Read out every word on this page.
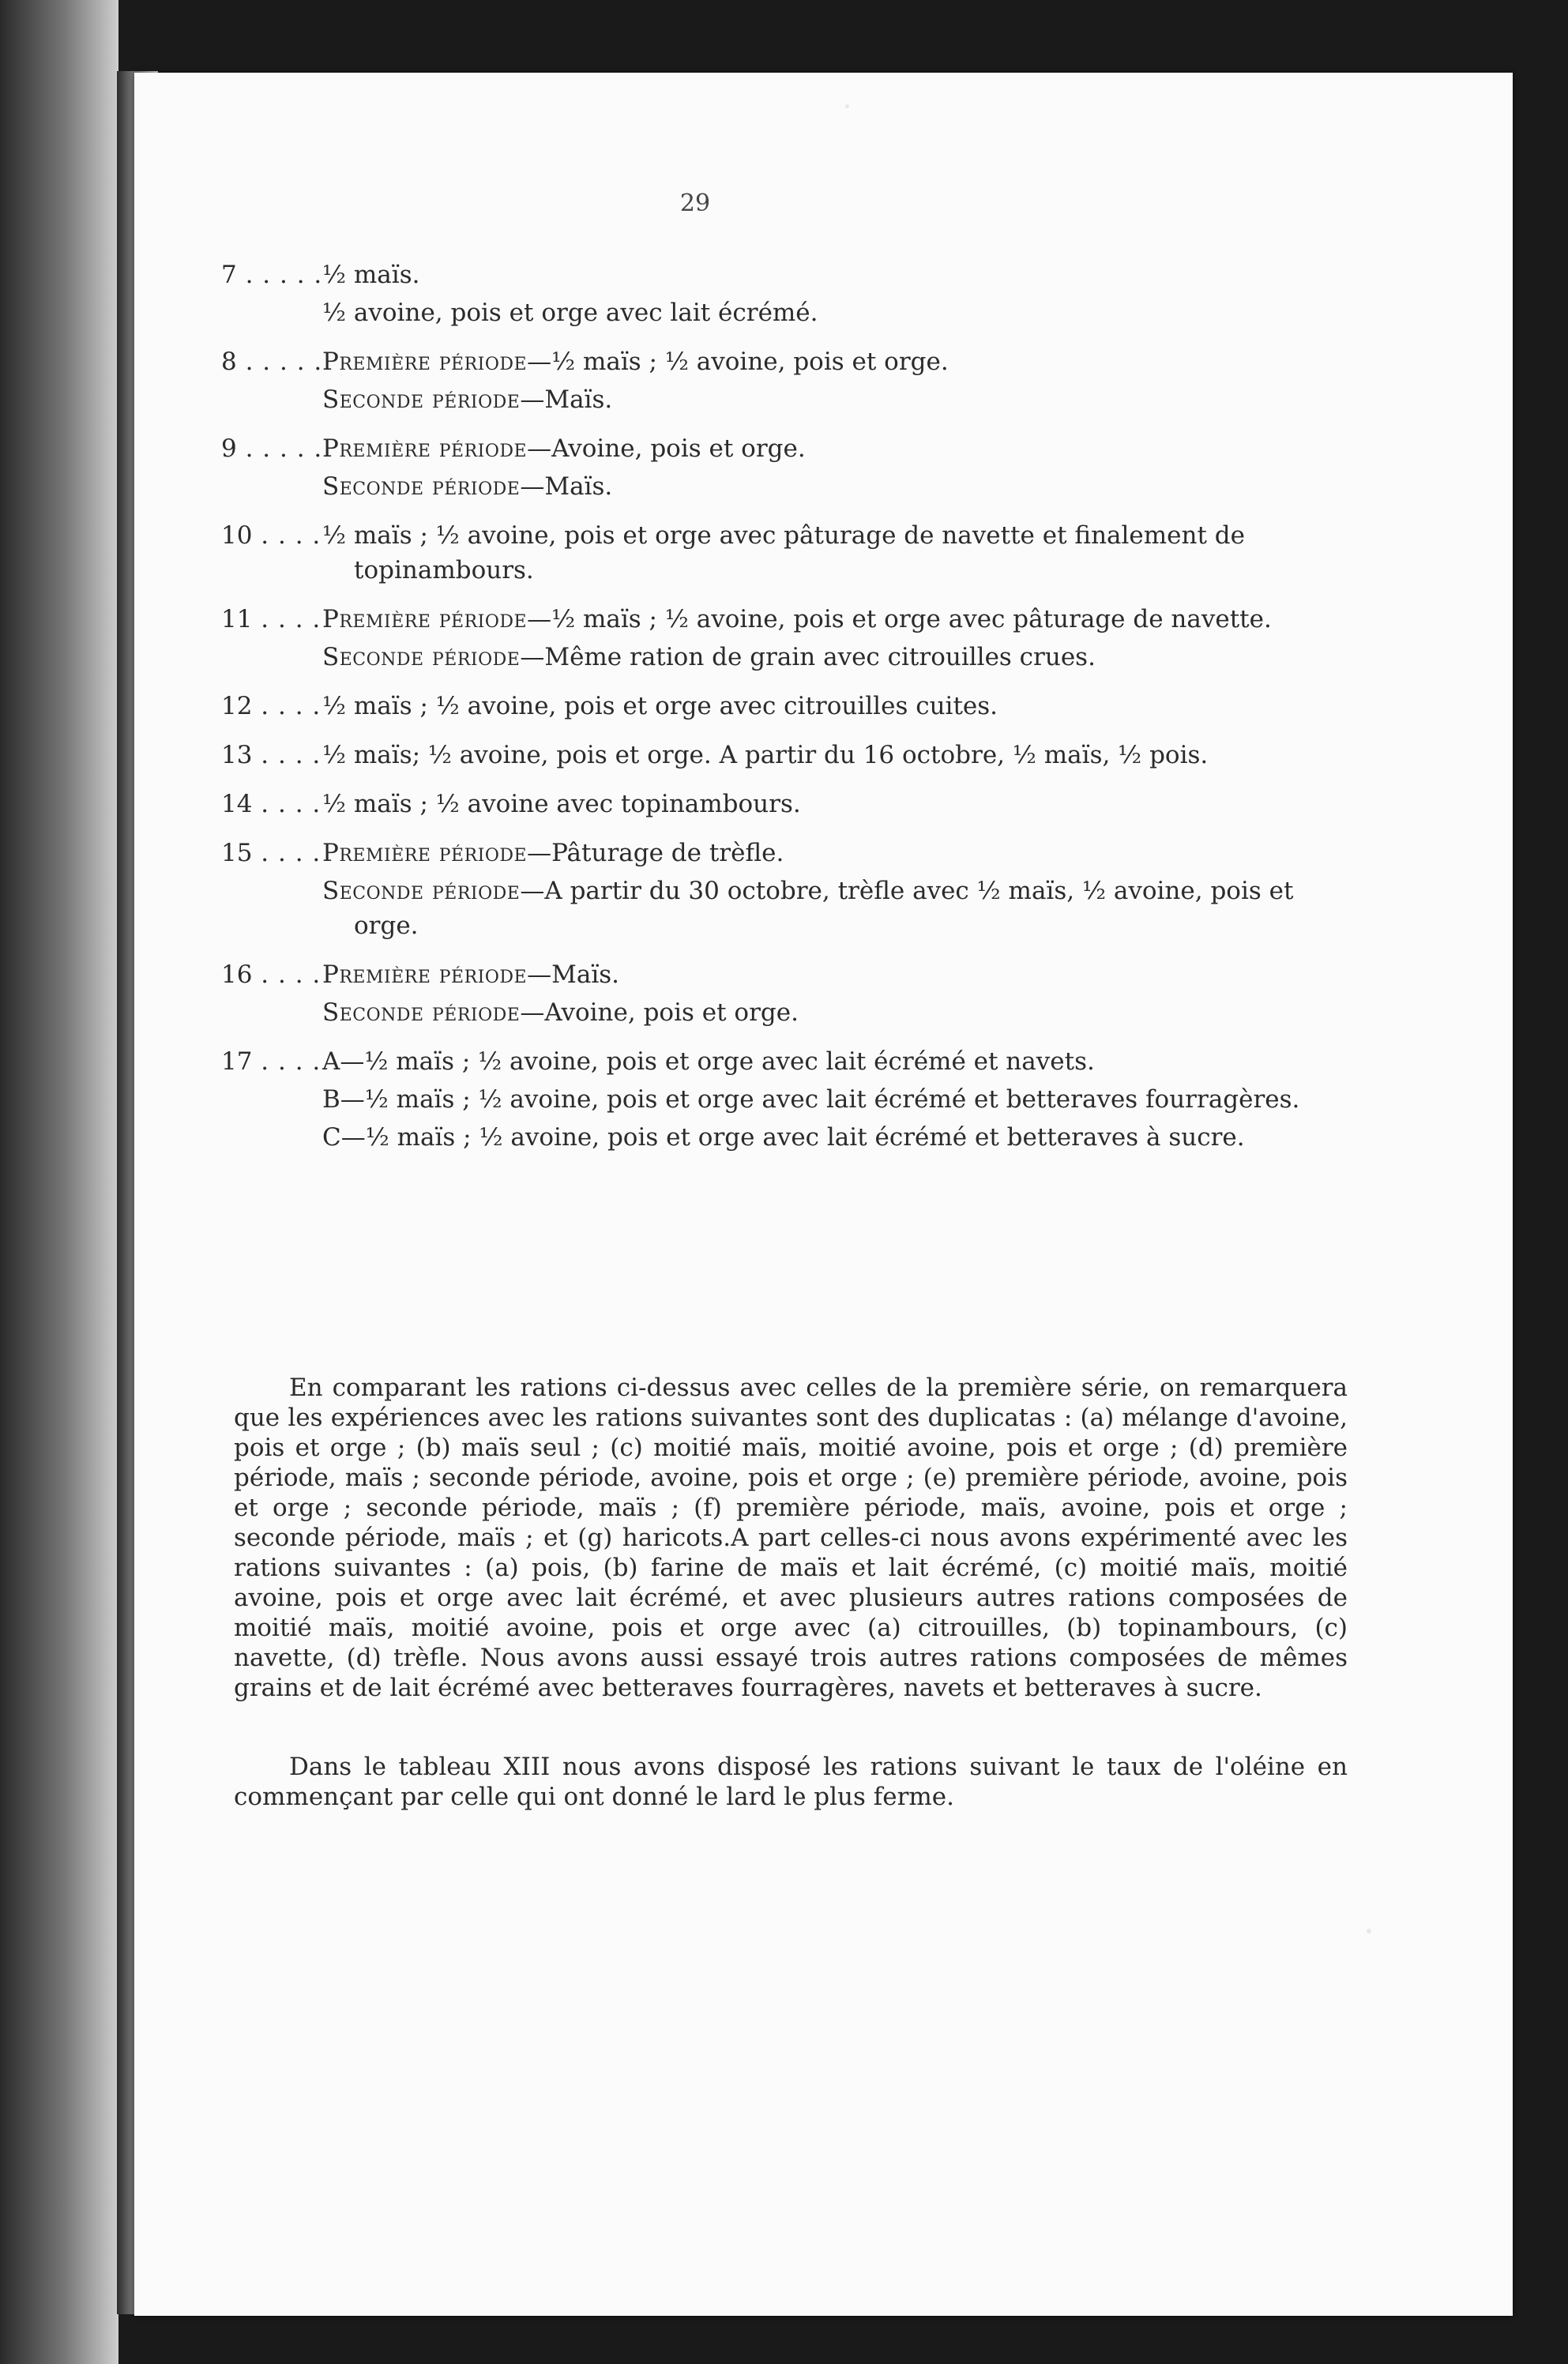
29
7 . . .	½ maïs.

½ avoine, pois et orge avec lait écrémé.

8 . . .	Première période—½ maïs ; ½ avoine, pois et orge.

Seconde période—Maïs.

9 . . .	Première période—Avoine, pois et orge.

Seconde période—Maïs.

10 . . .	½ maïs ; ½ avoine, pois et orge avec pâturage de navette et finalement de topinambours.

11 . . .	Première période—½ maïs ; ½ avoine, pois et orge avec pâturage de navette.

Seconde période—Même ration de grain avec citrouilles crues.

12 . . .	½ maïs ; ½ avoine, pois et orge avec citrouilles cuites.

13 . . .	½ maïs; ½ avoine, pois et orge. A partir du 16 octobre, ½ maïs, ½ pois.

14 . . .	½ maïs ; ½ avoine avec topinambours.

15 . . .	Première période—Pâturage de trèfle.

Seconde période—A partir du 30 octobre, trèfle avec ½ maïs, ½ avoine, pois et orge.

16 . . .	Première période—Maïs.

Seconde période—Avoine, pois et orge.

17 . . .	A—½ maïs ; ½ avoine, pois et orge avec lait écrémé et navets.

B—½ maïs ; ½ avoine, pois et orge avec lait écrémé et betteraves fourragères.

C—½ maïs ; ½ avoine, pois et orge avec lait écrémé et betteraves à sucre.

En comparant les rations ci-dessus avec celles de la première série, on remarquera que les expériences avec les rations suivantes sont des duplicatas : (a) mélange d'avoine, pois et orge ; (b) maïs seul ; (c) moitié maïs, moitié avoine, pois et orge ; (d) première période, maïs ; seconde période, avoine, pois et orge ; (e) première période, avoine, pois et orge ; seconde période, maïs ; (f) première période, maïs, avoine, pois et orge ; seconde période, maïs ; et (g) haricots.A part celles-ci nous avons expérimenté avec les rations suivantes : (a) pois, (b) farine de maïs et lait écrémé, (c) moitié maïs, moitié avoine, pois et orge avec lait écrémé, et avec plusieurs autres rations composées de moitié maïs, moitié avoine, pois et orge avec (a) citrouilles, (b) topinambours, (c) navette, (d) trèfle. Nous avons aussi essayé trois autres rations composées de mêmes grains et de lait écrémé avec betteraves fourragères, navets et betteraves à sucre.

Dans le tableau XIII nous avons disposé les rations suivant le taux de l'oléine en commençant par celle qui ont donné le lard le plus ferme.
